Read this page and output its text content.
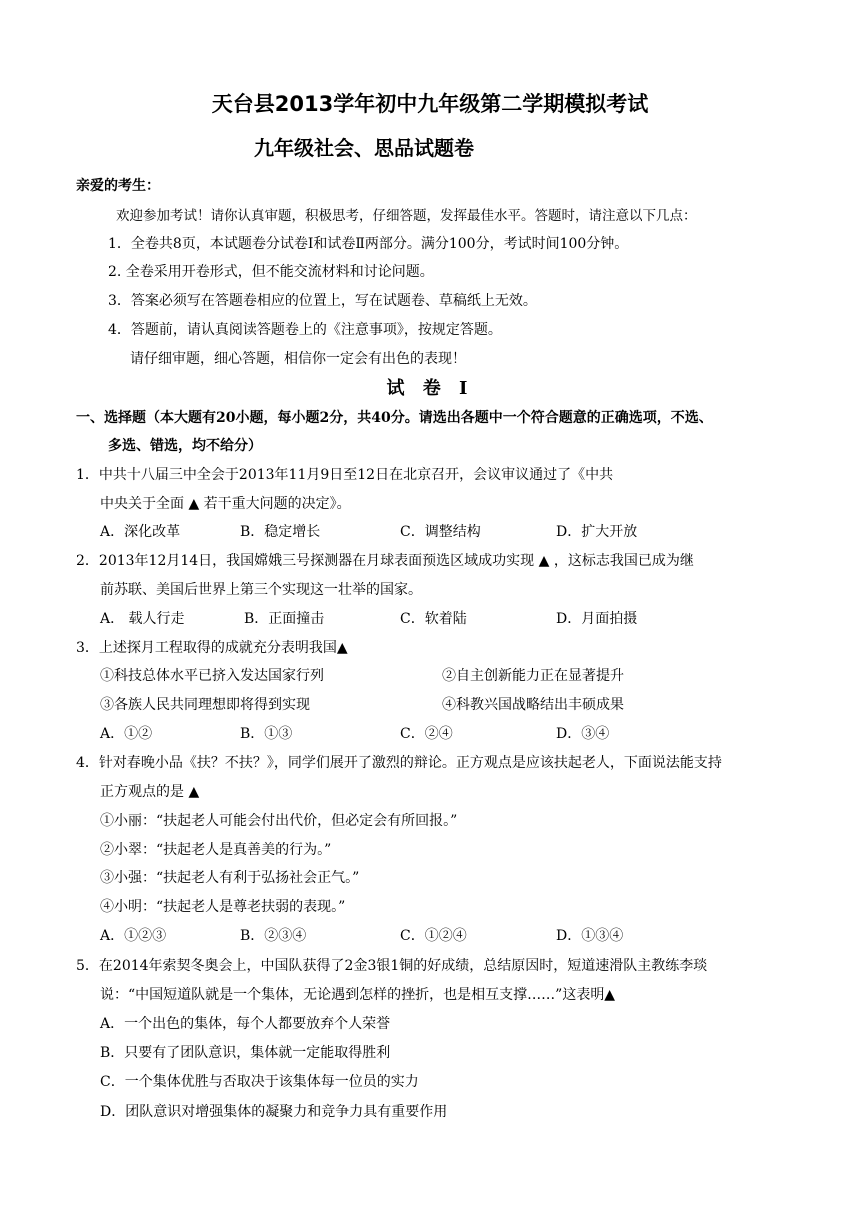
天台县2013学年初中九年级第二学期模拟考试
九年级社会、思品试题卷
亲爱的考生：
欢迎参加考试！请你认真审题，积极思考，仔细答题，发挥最佳水平。答题时，请注意以下几点：
1．全卷共8页，本试题卷分试卷Ⅰ和试卷Ⅱ两部分。满分100分，考试时间100分钟。
2. 全卷采用开卷形式，但不能交流材料和讨论问题。
3．答案必须写在答题卷相应的位置上，写在试题卷、草稿纸上无效。
4．答题前，请认真阅读答题卷上的《注意事项》，按规定答题。
请仔细审题，细心答题，相信你一定会有出色的表现！
试 卷 Ⅰ
一、选择题（本大题有20小题，每小题2分，共40分。请选出各题中一个符合题意的正确选项，不选、
多选、错选，均不给分）
1．中共十八届三中全会于2013年11月9日至12日在北京召开，会议审议通过了《中共
中央关于全面 ▲ 若干重大问题的决定》。
A．深化改革	B．稳定增长	C．调整结构	D．扩大开放
2．2013年12月14日，我国嫦娥三号探测器在月球表面预选区域成功实现 ▲ ，这标志我国已成为继
前苏联、美国后世界上第三个实现这一壮举的国家。
A． 载人行走	B．正面撞击	C．软着陆	D．月面拍摄
3．上述探月工程取得的成就充分表明我国▲
①科技总体水平已挤入发达国家行列	②自主创新能力正在显著提升
③各族人民共同理想即将得到实现	④科教兴国战略结出丰硕成果
A．①②	B．①③	C．②④	D．③④
4．针对春晚小品《扶？不扶？》，同学们展开了激烈的辩论。正方观点是应该扶起老人，下面说法能支持
正方观点的是 ▲
①小丽：“扶起老人可能会付出代价，但必定会有所回报。”
②小翠：“扶起老人是真善美的行为。”
③小强：“扶起老人有利于弘扬社会正气。”
④小明：“扶起老人是尊老扶弱的表现。”
A．①②③	B．②③④	C．①②④	D．①③④
5．在2014年索契冬奥会上，中国队获得了2金3银1铜的好成绩，总结原因时，短道速滑队主教练李琰
说：“中国短道队就是一个集体，无论遇到怎样的挫折，也是相互支撑……”这表明▲
A．一个出色的集体，每个人都要放弃个人荣誉
B．只要有了团队意识，集体就一定能取得胜利
C．一个集体优胜与否取决于该集体每一位员的实力
D．团队意识对增强集体的凝聚力和竞争力具有重要作用
